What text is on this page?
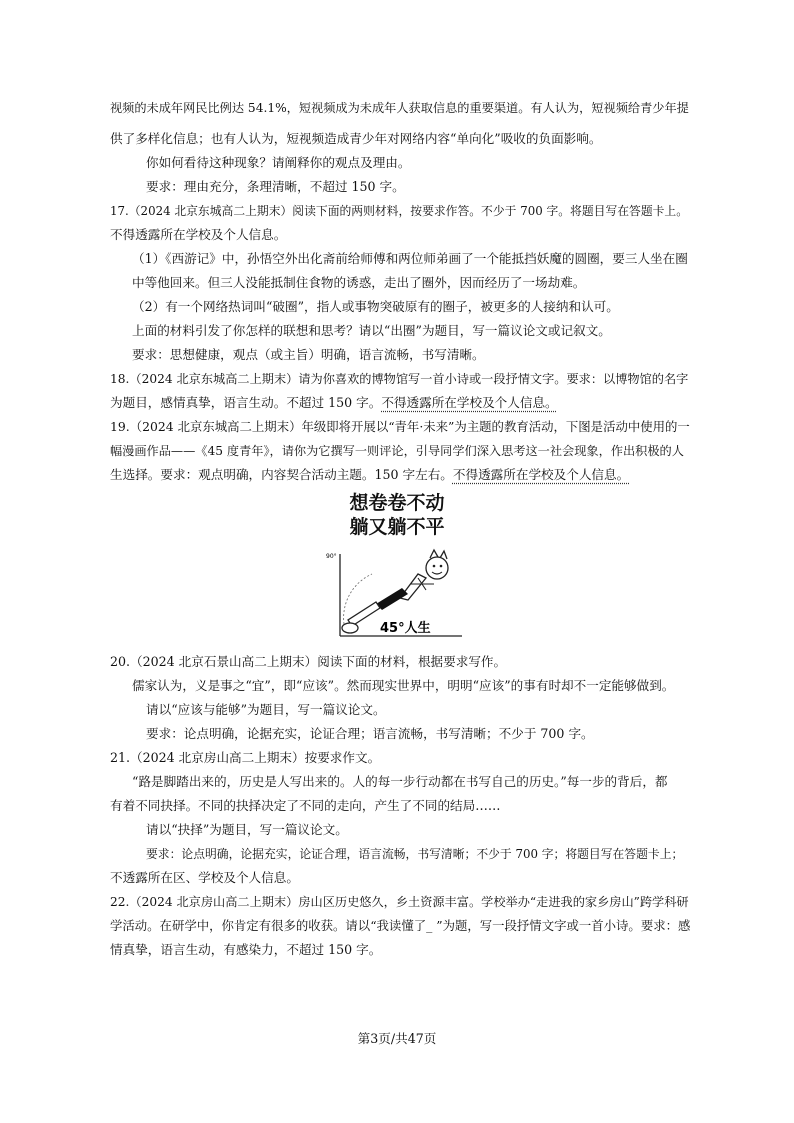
视频的未成年网民比例达 54.1%，短视频成为未成年人获取信息的重要渠道。有人认为，短视频给青少年提

供了多样化信息；也有人认为，短视频造成青少年对网络内容“单向化”吸收的负面影响。

你如何看待这种现象？请阐释你的观点及理由。

要求：理由充分，条理清晰，不超过 150 字。

17.（2024 北京东城高二上期末）阅读下面的两则材料，按要求作答。不少于 700 字。将题目写在答题卡上。

不得透露所在学校及个人信息。

（1）《西游记》中，孙悟空外出化斋前给师傅和两位师弟画了一个能抵挡妖魔的圆圈，要三人坐在圈

中等他回来。但三人没能抵制住食物的诱惑，走出了圈外，因而经历了一场劫难。

（2）有一个网络热词叫“破圈”，指人或事物突破原有的圈子，被更多的人接纳和认可。

上面的材料引发了你怎样的联想和思考？请以“出圈”为题目，写一篇议论文或记叙文。

要求：思想健康，观点（或主旨）明确，语言流畅，书写清晰。

18.（2024 北京东城高二上期末）请为你喜欢的博物馆写一首小诗或一段抒情文字。要求：以博物馆的名字

为题目，感情真挚，语言生动。不超过 150 字。不得透露所在学校及个人信息。

19.（2024 北京东城高二上期末）年级即将开展以“青年·未来”为主题的教育活动，下图是活动中使用的一

幅漫画作品——《45 度青年》，请你为它撰写一则评论，引导同学们深入思考这一社会现象，作出积极的人

生选择。要求：观点明确，内容契合活动主题。150 字左右。不得透露所在学校及个人信息。

想卷卷不动
躺又躺不平
90°
45°人生

20.（2024 北京石景山高二上期末）阅读下面的材料，根据要求写作。

儒家认为，义是事之“宜”，即“应该”。然而现实世界中，明明“应该”的事有时却不一定能够做到。

请以“应该与能够”为题目，写一篇议论文。

要求：论点明确，论据充实，论证合理；语言流畅，书写清晰；不少于 700 字。

21.（2024 北京房山高二上期末）按要求作文。

“路是脚踏出来的，历史是人写出来的。人的每一步行动都在书写自己的历史。”每一步的背后，都

有着不同抉择。不同的抉择决定了不同的走向，产生了不同的结局……

请以“抉择”为题目，写一篇议论文。

要求：论点明确，论据充实，论证合理，语言流畅，书写清晰；不少于 700 字；将题目写在答题卡上；

不透露所在区、学校及个人信息。

22.（2024 北京房山高二上期末）房山区历史悠久，乡土资源丰富。学校举办“走进我的家乡房山”跨学科研

学活动。在研学中，你肯定有很多的收获。请以“我读懂了_ ”为题，写一段抒情文字或一首小诗。要求：感

情真挚，语言生动，有感染力，不超过 150 字。

第3页/共47页
